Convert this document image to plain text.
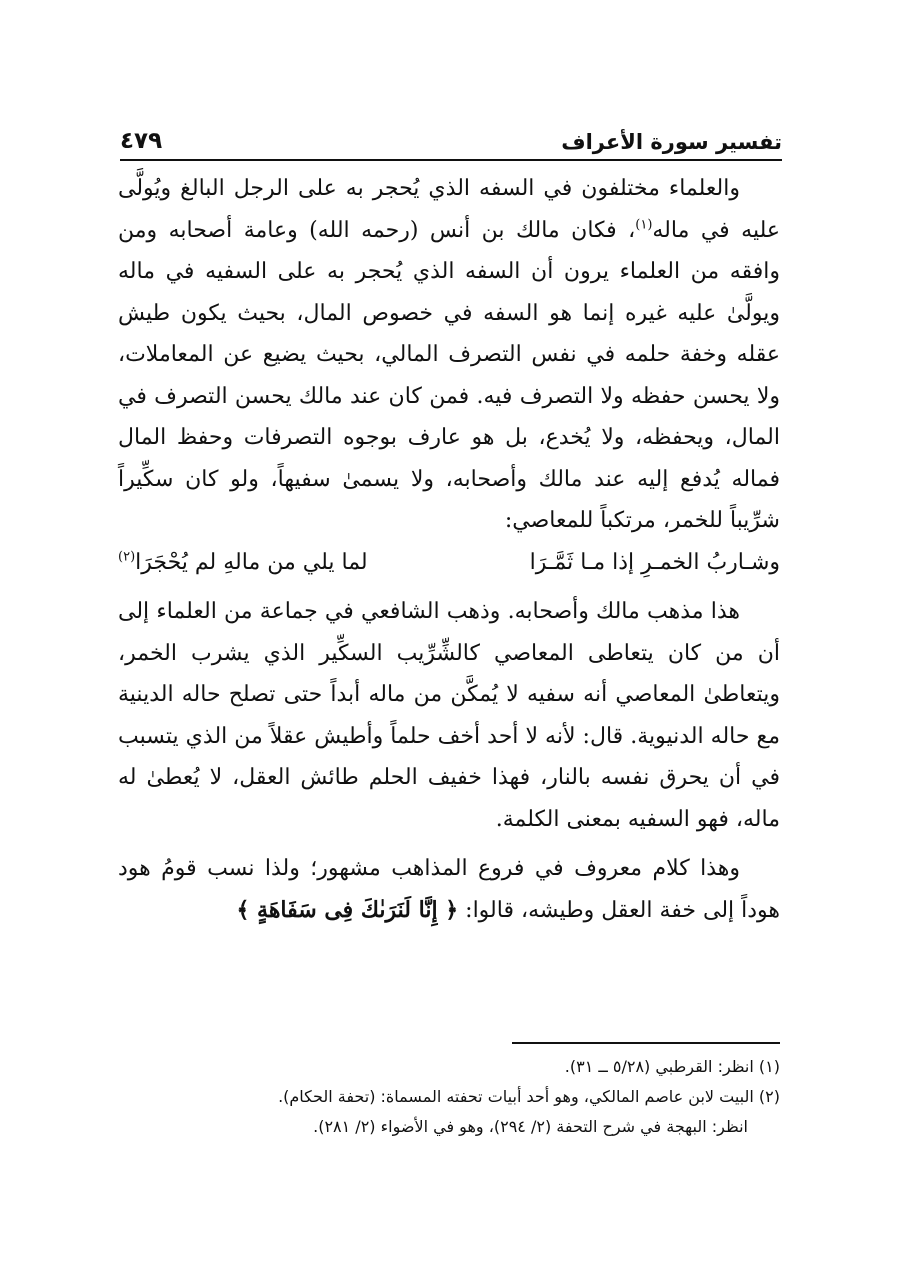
تفسير سورة الأعراف
٤٧٩

والعلماء مختلفون في السفه الذي يُحجر به على الرجل البالغ ويُولَّى عليه في ماله$^{(١)}$، فكان مالك بن أنس (رحمه الله) وعامة أصحابه ومن وافقه من العلماء يرون أن السفه الذي يُحجر به على السفيه في ماله ويولَّىٰ عليه غيره إنما هو السفه في خصوص المال، بحيث يكون طيش عقله وخفة حلمه في نفس التصرف المالي، بحيث يضيع عن المعاملات، ولا يحسن حفظه ولا التصرف فيه. فمن كان عند مالك يحسن التصرف في المال، ويحفظه، ولا يُخدع، بل هو عارف بوجوه التصرفات وحفظ المال فماله يُدفع إليه عند مالك وأصحابه، ولا يسمىٰ سفيهاً، ولو كان سكِّيراً شرِّيباً للخمر، مرتكباً للمعاصي:

وشـاربُ الخمـرِ إذا مـا ثَمَّـرَا
لما يلي من مالهِ لم يُحْجَرَا$^{(٢)}$

هذا مذهب مالك وأصحابه. وذهب الشافعي في جماعة من العلماء إلى أن من كان يتعاطى المعاصي كالشِّرِّيب السكِّير الذي يشرب الخمر، ويتعاطىٰ المعاصي أنه سفيه لا يُمكَّن من ماله أبداً حتى تصلح حاله الدينية مع حاله الدنيوية. قال: لأنه لا أحد أخف حلماً وأطيش عقلاً من الذي يتسبب في أن يحرق نفسه بالنار، فهذا خفيف الحلم طائش العقل، لا يُعطىٰ له ماله، فهو السفيه بمعنى الكلمة.

وهذا كلام معروف في فروع المذاهب مشهور؛ ولذا نسب قومُ هود هوداً إلى خفة العقل وطيشه، قالوا: ﴿ إِنَّا لَنَرَىٰكَ فِى سَفَاهَةٍ ﴾

(١) انظر: القرطبي (٥/٢٨ ــ ٣١).

(٢) البيت لابن عاصم المالكي، وهو أحد أبيات تحفته المسماة: (تحفة الحكام).

انظر: البهجة في شرح التحفة (٢/ ٢٩٤)، وهو في الأضواء (٢/ ٢٨١).
